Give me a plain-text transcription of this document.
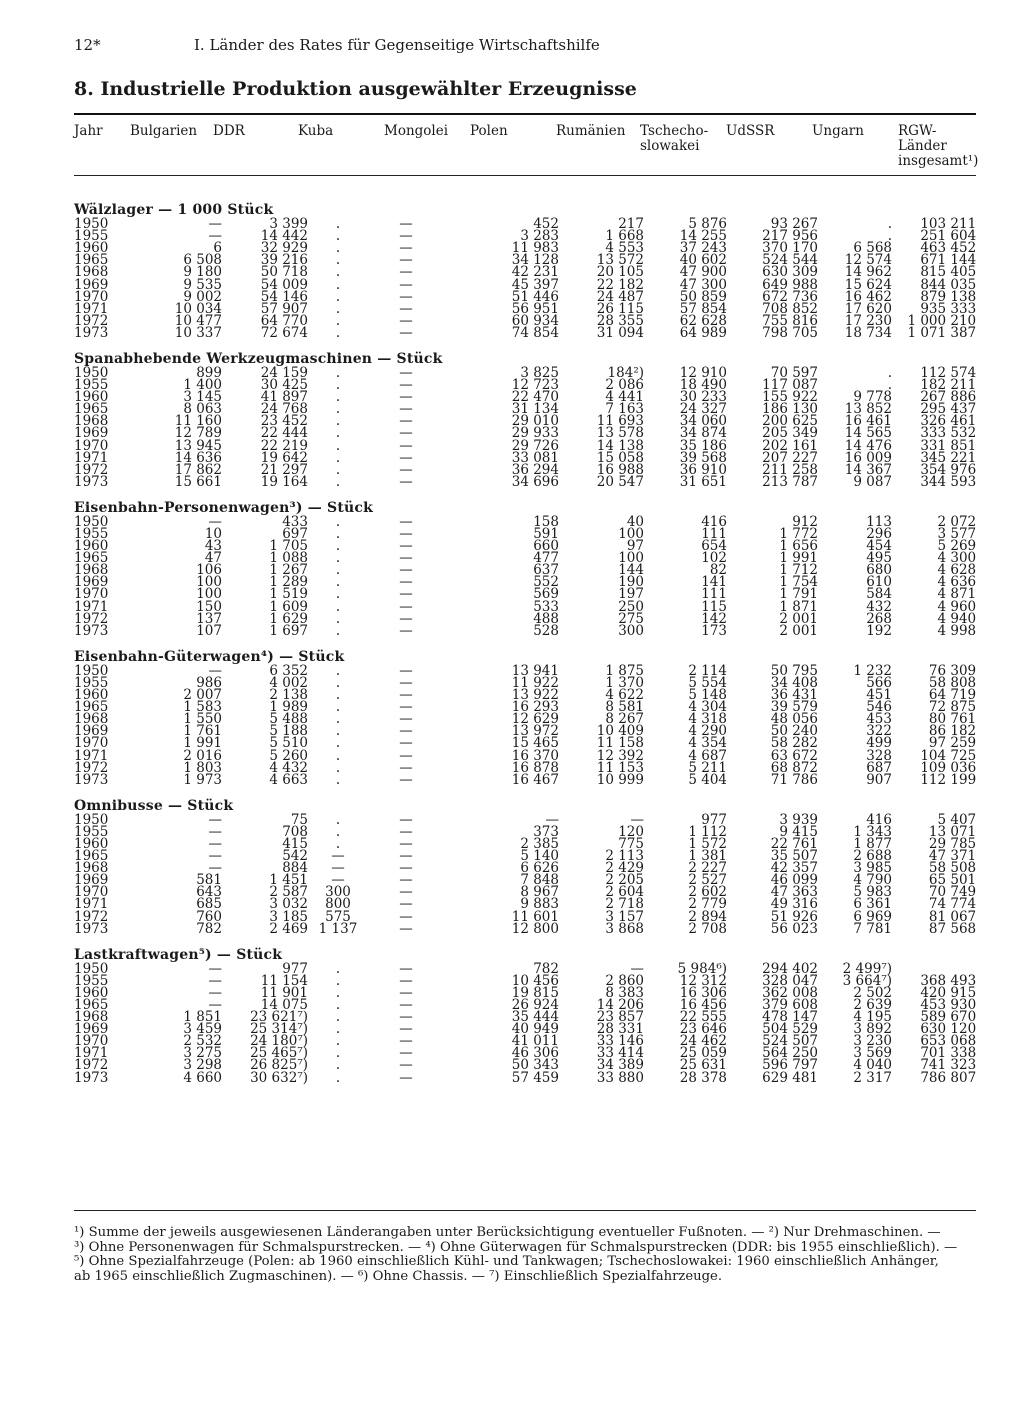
12*	I. Länder des Rates für Gegenseitige Wirtschaftshilfe
8. Industrielle Produktion ausgewählter Erzeugnisse
Jahr Bulgarien DDR	Kuba	Mongolei Polen	Rumänien Tschecho-
slowakei
UdSSR	Ungarn	RGW-
Länder
insgesamt¹)
Wälzlager — 1 000 Stück										
1950	—	3 399	.	—	452	217	5 876	93 267	.	103 211
1955	—	14 442	.	—	3 283	1 668	14 255	217 956	.	251 604
1960	6	32 929	.	—	11 983	4 553	37 243	370 170	6 568	463 452
1965	6 508	39 216	.	—	34 128	13 572	40 602	524 544	12 574	671 144
1968	9 180	50 718	.	—	42 231	20 105	47 900	630 309	14 962	815 405
1969	9 535	54 009	.	—	45 397	22 182	47 300	649 988	15 624	844 035
1970	9 002	54 146	.	—	51 446	24 487	50 859	672 736	16 462	879 138
1971	10 034	57 907	.	—	56 951	26 115	57 854	708 852	17 620	935 333
1972	10 477	64 770	.	—	60 934	28 355	62 628	755 816	17 230	1 000 210
1973	10 337	72 674	.	—	74 854	31 094	64 989	798 705	18 734	1 071 387
Spanabhebende Werkzeugmaschinen — Stück										
1950	899	24 159	.	—	3 825	184²)	12 910	70 597	.	112 574
1955	1 400	30 425	.	—	12 723	2 086	18 490	117 087	.	182 211
1960	3 145	41 897	.	—	22 470	4 441	30 233	155 922	9 778	267 886
1965	8 063	24 768	.	—	31 134	7 163	24 327	186 130	13 852	295 437
1968	11 160	23 452	.	—	29 010	11 693	34 060	200 625	16 461	326 461
1969	12 789	22 444	.	—	29 933	13 578	34 874	205 349	14 565	333 532
1970	13 945	22 219	.	—	29 726	14 138	35 186	202 161	14 476	331 851
1971	14 636	19 642	.	—	33 081	15 058	39 568	207 227	16 009	345 221
1972	17 862	21 297	.	—	36 294	16 988	36 910	211 258	14 367	354 976
1973	15 661	19 164	.	—	34 696	20 547	31 651	213 787	9 087	344 593
Eisenbahn-Personenwagen³) — Stück										
1950	—	433	.	—	158	40	416	912	113	2 072
1955	10	697	.	—	591	100	111	1 772	296	3 577
1960	43	1 705	.	—	660	97	654	1 656	454	5 269
1965	47	1 088	.	—	477	100	102	1 991	495	4 300
1968	106	1 267	.	—	637	144	82	1 712	680	4 628
1969	100	1 289	.	—	552	190	141	1 754	610	4 636
1970	100	1 519	.	—	569	197	111	1 791	584	4 871
1971	150	1 609	.	—	533	250	115	1 871	432	4 960
1972	137	1 629	.	—	488	275	142	2 001	268	4 940
1973	107	1 697	.	—	528	300	173	2 001	192	4 998
Eisenbahn-Güterwagen⁴) — Stück										
1950	—	6 352	.	—	13 941	1 875	2 114	50 795	1 232	76 309
1955	986	4 002	.	—	11 922	1 370	5 554	34 408	566	58 808
1960	2 007	2 138	.	—	13 922	4 622	5 148	36 431	451	64 719
1965	1 583	1 989	.	—	16 293	8 581	4 304	39 579	546	72 875
1968	1 550	5 488	.	—	12 629	8 267	4 318	48 056	453	80 761
1969	1 761	5 188	.	—	13 972	10 409	4 290	50 240	322	86 182
1970	1 991	5 510	.	—	15 465	11 158	4 354	58 282	499	97 259
1971	2 016	5 260	.	—	16 370	12 392	4 687	63 672	328	104 725
1972	1 803	4 432	.	—	16 878	11 153	5 211	68 872	687	109 036
1973	1 973	4 663	.	—	16 467	10 999	5 404	71 786	907	112 199
Omnibusse — Stück										
1950	—	75	.	—	—	—	977	3 939	416	5 407
1955	—	708	.	—	373	120	1 112	9 415	1 343	13 071
1960	—	415	.	—	2 385	775	1 572	22 761	1 877	29 785
1965	—	542	—	—	5 140	2 113	1 381	35 507	2 688	47 371
1968	—	884	—	—	6 626	2 429	2 227	42 357	3 985	58 508
1969	581	1 451	—	—	7 848	2 205	2 527	46 099	4 790	65 501
1970	643	2 587	300	—	8 967	2 604	2 602	47 363	5 983	70 749
1971	685	3 032	800	—	9 883	2 718	2 779	49 316	6 361	74 774
1972	760	3 185	575	—	11 601	3 157	2 894	51 926	6 969	81 067
1973	782	2 469	1 137	—	12 800	3 868	2 708	56 023	7 781	87 568
Lastkraftwagen⁵) — Stück										
1950	—	977	.	—	782	—	5 984⁶)	294 402	2 499⁷)	
1955	—	11 154	.	—	10 456	2 860	12 312	328 047	3 664⁷)	368 493
1960	—	11 901	.	—	19 815	8 383	16 306	362 008	2 502	420 915
1965	—	14 075	.	—	26 924	14 206	16 456	379 608	2 639	453 930
1968	1 851	23 621⁷)	.	—	35 444	23 857	22 555	478 147	4 195	589 670
1969	3 459	25 314⁷)	.	—	40 949	28 331	23 646	504 529	3 892	630 120
1970	2 532	24 180⁷)	.	—	41 011	33 146	24 462	524 507	3 230	653 068
1971	3 275	25 465⁷)	.	—	46 306	33 414	25 059	564 250	3 569	701 338
1972	3 298	26 825⁷)	.	—	50 343	34 389	25 631	596 797	4 040	741 323
1973	4 660	30 632⁷)	.	—	57 459	33 880	28 378	629 481	2 317	786 807
¹) Summe der jeweils ausgewiesenen Länderangaben unter Berücksichtigung eventueller Fußnoten. — ²) Nur Drehmaschinen. —
³) Ohne Personenwagen für Schmalspurstrecken. — ⁴) Ohne Güterwagen für Schmalspurstrecken (DDR: bis 1955 einschließlich). —
⁵) Ohne Spezialfahrzeuge (Polen: ab 1960 einschließlich Kühl- und Tankwagen; Tschechoslowakei: 1960 einschließlich Anhänger,
ab 1965 einschließlich Zugmaschinen). — ⁶) Ohne Chassis. — ⁷) Einschließlich Spezialfahrzeuge.
